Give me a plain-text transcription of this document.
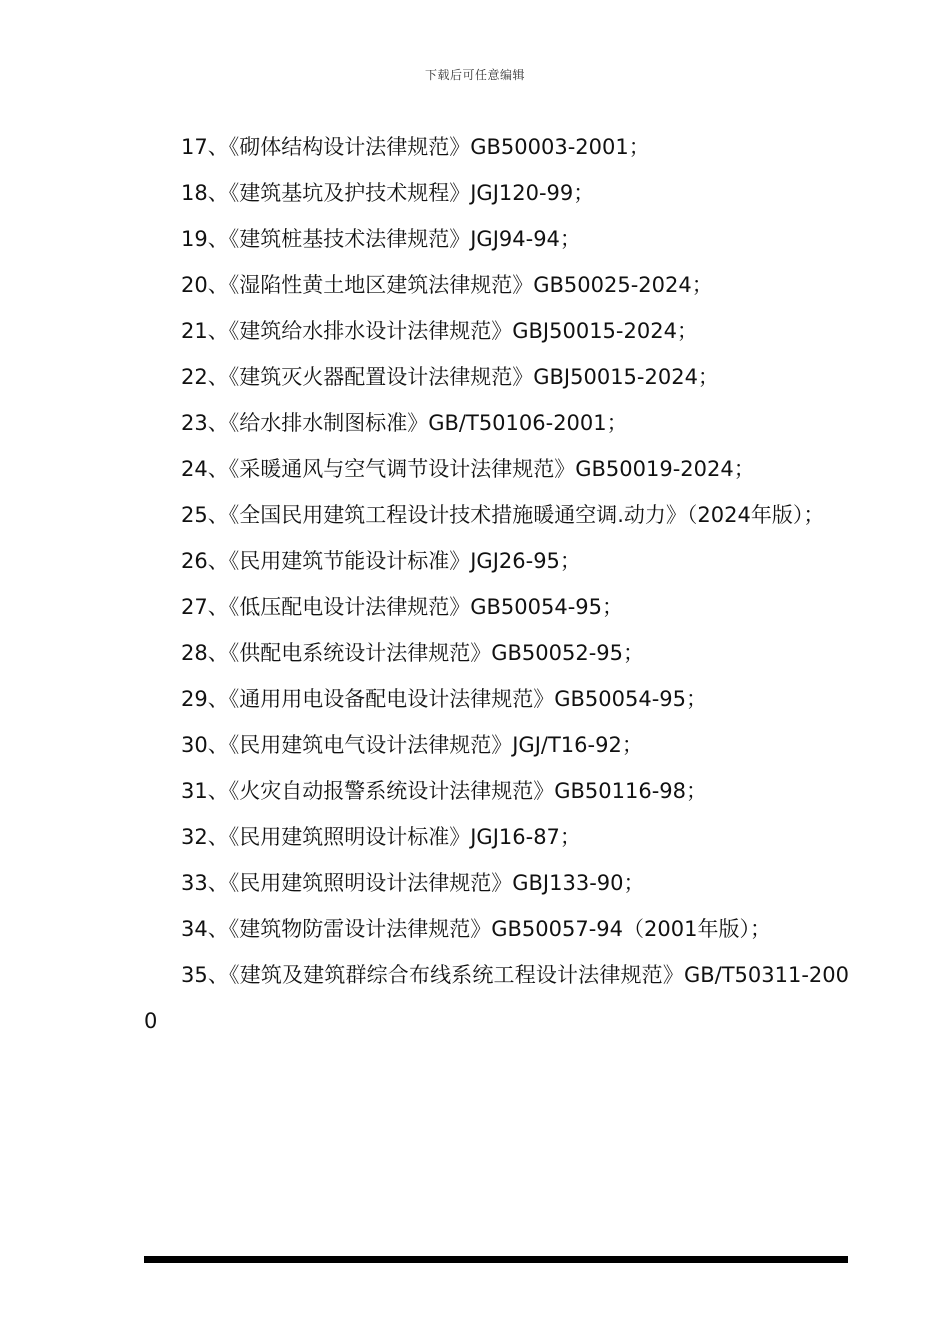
下载后可任意编辑
17、《砌体结构设计法律规范》GB50003-2001；
18、《建筑基坑及护技术规程》JGJ120-99；
19、《建筑桩基技术法律规范》JGJ94-94；
20、《湿陷性黄土地区建筑法律规范》GB50025-2024；
21、《建筑给水排水设计法律规范》GBJ50015-2024；
22、《建筑灭火器配置设计法律规范》GBJ50015-2024；
23、《给水排水制图标准》GB/T50106-2001；
24、《采暖通风与空气调节设计法律规范》GB50019-2024；
25、《全国民用建筑工程设计技术措施暖通空调.动力》（2024年版）；
26、《民用建筑节能设计标准》JGJ26-95；
27、《低压配电设计法律规范》GB50054-95；
28、《供配电系统设计法律规范》GB50052-95；
29、《通用用电设备配电设计法律规范》GB50054-95；
30、《民用建筑电气设计法律规范》JGJ/T16-92；
31、《火灾自动报警系统设计法律规范》GB50116-98；
32、《民用建筑照明设计标准》JGJ16-87；
33、《民用建筑照明设计法律规范》GBJ133-90；
34、《建筑物防雷设计法律规范》GB50057-94（2001年版）；
35、《建筑及建筑群综合布线系统工程设计法律规范》GB/T50311-2000
